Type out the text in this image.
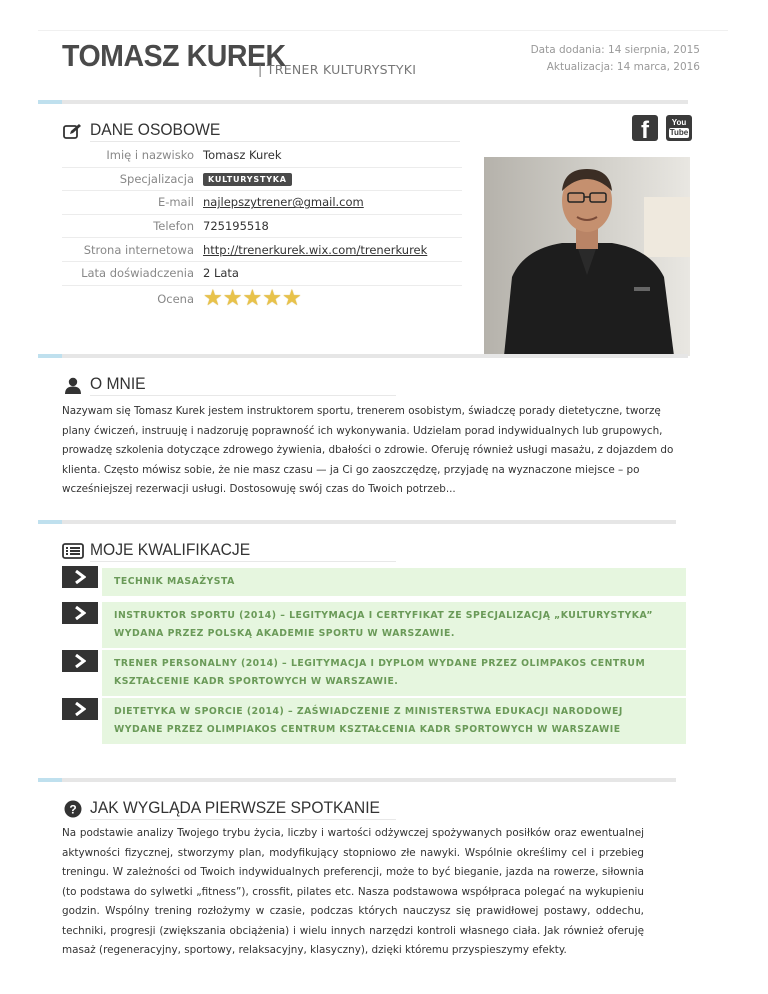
TOMASZ KUREK
| TRENER KULTURYSTYKI
Data dodania: 14 sierpnia, 2015
Aktualizacja: 14 marca, 2016
DANE OSOBOWE	f	You
Tube
Imię i nazwisko Tomasz Kurek
Specjalizacja	KULTURYSTYKA
E-mail najlepszytrener@gmail.com
Telefon 725195518
Strona internetowa http://trenerkurek.wix.com/trenerkurek
Lata doświadczenia 2 Lata
Ocena ★ ★ ★ ★ ★
O MNIE
Nazywam się Tomasz Kurek jestem instruktorem sportu, trenerem osobistym, świadczę porady dietetyczne, tworzę plany ćwiczeń, instruuję i nadzoruję poprawność ich wykonywania. Udzielam porad indywidualnych lub grupowych, prowadzę szkolenia dotyczące zdrowego żywienia, dbałości o zdrowie. Oferuję również usługi masażu, z dojazdem do klienta. Często mówisz sobie, że nie masz czasu — ja Ci go zaoszczędzę, przyjadę na wyznaczone miejsce – po wcześniejszej rezerwacji usługi. Dostosowuję swój czas do Twoich potrzeb...
MOJE KWALIFIKACJE
TECHNIK MASAŻYSTA
INSTRUKTOR SPORTU (2014) – LEGITYMACJA I CERTYFIKAT ZE SPECJALIZACJĄ „KULTURYSTYKA” WYDANA PRZEZ POLSKĄ AKADEMIE SPORTU W WARSZAWIE.
TRENER PERSONALNY (2014) – LEGITYMACJA I DYPLOM WYDANE PRZEZ OLIMPAKOS CENTRUM KSZTAŁCENIE KADR SPORTOWYCH W WARSZAWIE.
DIETETYKA W SPORCIE (2014) – ZAŚWIADCZENIE Z MINISTERSTWA EDUKACJI NARODOWEJ WYDANE PRZEZ OLIMPIAKOS CENTRUM KSZTAŁCENIA KADR SPORTOWYCH W WARSZAWIE
? JAK WYGLĄDA PIERWSZE SPOTKANIE
Na podstawie analizy Twojego trybu życia, liczby i wartości odżywczej spożywanych posiłków oraz ewentualnej aktywności fizycznej, stworzymy plan, modyfikujący stopniowo złe nawyki. Wspólnie określimy cel i przebieg treningu. W zależności od Twoich indywidualnych preferencji, może to być bieganie, jazda na rowerze, siłownia (to podstawa do sylwetki „fitness”), crossfit, pilates etc. Nasza podstawowa współpraca polegać na wykupieniu godzin. Wspólny trening rozłożymy w czasie, podczas których nauczysz się prawidłowej postawy, oddechu, techniki, progresji (zwiększania obciążenia) i wielu innych narzędzi kontroli własnego ciała. Jak również oferuję masaż (regeneracyjny, sportowy, relaksacyjny, klasyczny), dzięki któremu przyspieszymy efekty.
